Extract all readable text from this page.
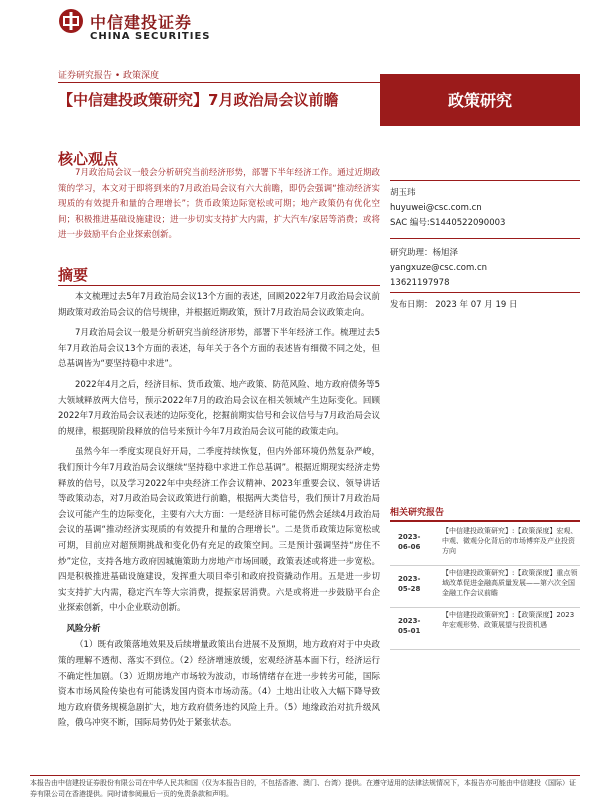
中信建投证券
CHINA SECURITIES
证券研究报告 • 政策深度
政策研究
【中信建投政策研究】7月政治局会议前瞻
核心观点
7月政治局会议一般会分析研究当前经济形势，部署下半年经济工作。通过近期政策的学习，本文对于即将到来的7月政治局会议有六大前瞻，即仍会强调“推动经济实现质的有效提升和量的合理增长”；货币政策边际宽松或可期；地产政策仍有优化空间；积极推进基础设施建设；进一步切实支持扩大内需，扩大汽车/家居等消费；或将进一步鼓励平台企业探索创新。
摘要

本文梳理过去5年7月政治局会议13个方面的表述，回顾2022年7月政治局会议前期政策对政治局会议的信号规律，并根据近期政策，预计7月政治局会议政策走向。

7月政治局会议一般是分析研究当前经济形势，部署下半年经济工作。梳理过去5年7月政治局会议13个方面的表述，每年关于各个方面的表述皆有细微不同之处，但总基调皆为“要坚持稳中求进”。

2022年4月之后，经济目标、货币政策、地产政策、防范风险、地方政府债务等5大领域释放两大信号，预示2022年7月的政治局会议在相关领域产生边际变化。回顾2022年7月政治局会议表述的边际变化，挖掘前期实信号和会议信号与7月政治局会议的规律，根据现阶段释放的信号来预计今年7月政治局会议可能的政策走向。

虽然今年一季度实现良好开局，二季度持续恢复，但内外部环境仍然复杂严峻，我们预计今年7月政治局会议继续“坚持稳中求进工作总基调”。根据近期现实经济走势释放的信号，以及学习2022年中央经济工作会议精神、2023年重要会议、领导讲话等政策动态，对7月政治局会议政策进行前瞻，根据两大类信号，我们预计7月政治局会议可能产生的边际变化，主要有六大方面：一是经济目标可能仍然会延续4月政治局会议的基调“推动经济实现质的有效提升和量的合理增长”。二是货币政策边际宽松或可期，目前应对超预期挑战和变化仍有充足的政策空间。三是预计强调坚持“房住不炒”定位，支持各地方政府因城施策助力房地产市场回暖，政策表述或将进一步宽松。四是积极推进基础设施建设，发挥重大项目牵引和政府投资撬动作用。五是进一步切实支持扩大内需，稳定汽车等大宗消费，提振家居消费。六是或将进一步鼓励平台企业探索创新，中小企业联动创新。

风险分析

（1）既有政策落地效果及后续增量政策出台进展不及预期，地方政府对于中央政策的理解不透彻、落实不到位。（2）经济增速放缓，宏观经济基本面下行，经济运行不确定性加剧。（3）近期房地产市场较为波动，市场情绪存在进一步转劣可能，国际资本市场风险传染也有可能诱发国内资本市场动荡。（4）土地出让收入大幅下降导致地方政府债务规模急剧扩大，地方政府债务违约风险上升。（5）地缘政治对抗升级风险，俄乌冲突不断，国际局势仍处于紧张状态。

胡玉玮
huyuwei@csc.com.cn
SAC 编号:S1440522090003
研究助理：杨旭泽
yangxuze@csc.com.cn
13621197978
发布日期： 2023 年 07 月 19 日
相关研究报告
2023-06-06
【中信建投政策研究】:【政策深度】宏观、中观、微观分化背后的市场博弈及产业投资方向
2023-05-28
【中信建投政策研究】:【政策深度】重点领域改革促进金融高质量发展——第六次全国金融工作会议前瞻
2023-05-01
【中信建投政策研究】:【政策深度】2023年宏观形势、政策展望与投资机遇
本报告由中信建投证券股份有限公司在中华人民共和国（仅为本报告目的，不包括香港、澳门、台湾）提供。在遵守适用的法律法规情况下，本报告亦可能由中信建投（国际）证券有限公司在香港提供。同时请参阅最后一页的免责条款和声明。
